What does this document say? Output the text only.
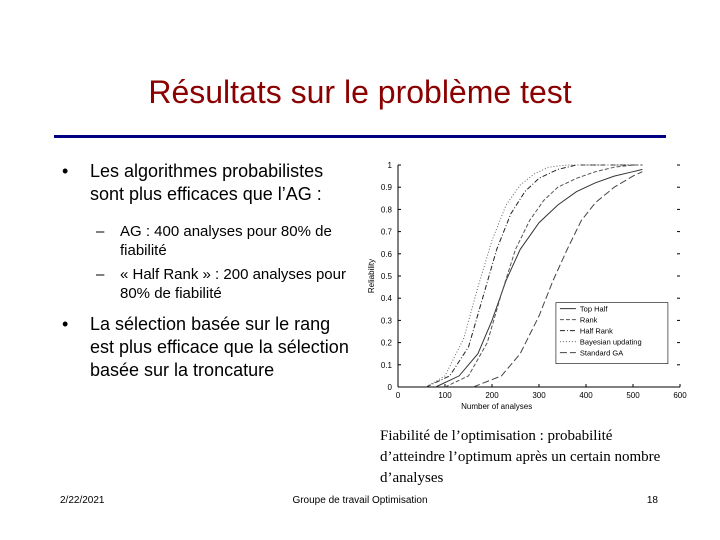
Résultats sur le problème test
• Les algorithmes probabilistes sont plus efficaces que l’AG :
– AG : 400 analyses pour 80% de fiabilité
– « Half Rank » : 200 analyses pour 80% de fiabilité
• La sélection basée sur le rang est plus efficace que la sélection basée sur la troncature
0
0.1
0.2
0.3
0.4
0.5
0.6
0.7
0.8
0.9
1
0	100	200	300	400	500	600
Number of analyses
Reliability
Top Half
Rank
Half Rank
Bayesian updating
Standard GA
Fiabilité de l’optimisation : probabilité d’atteindre l’optimum après un certain nombre d’analyses
2/22/2021	Groupe de travail Optimisation	18
